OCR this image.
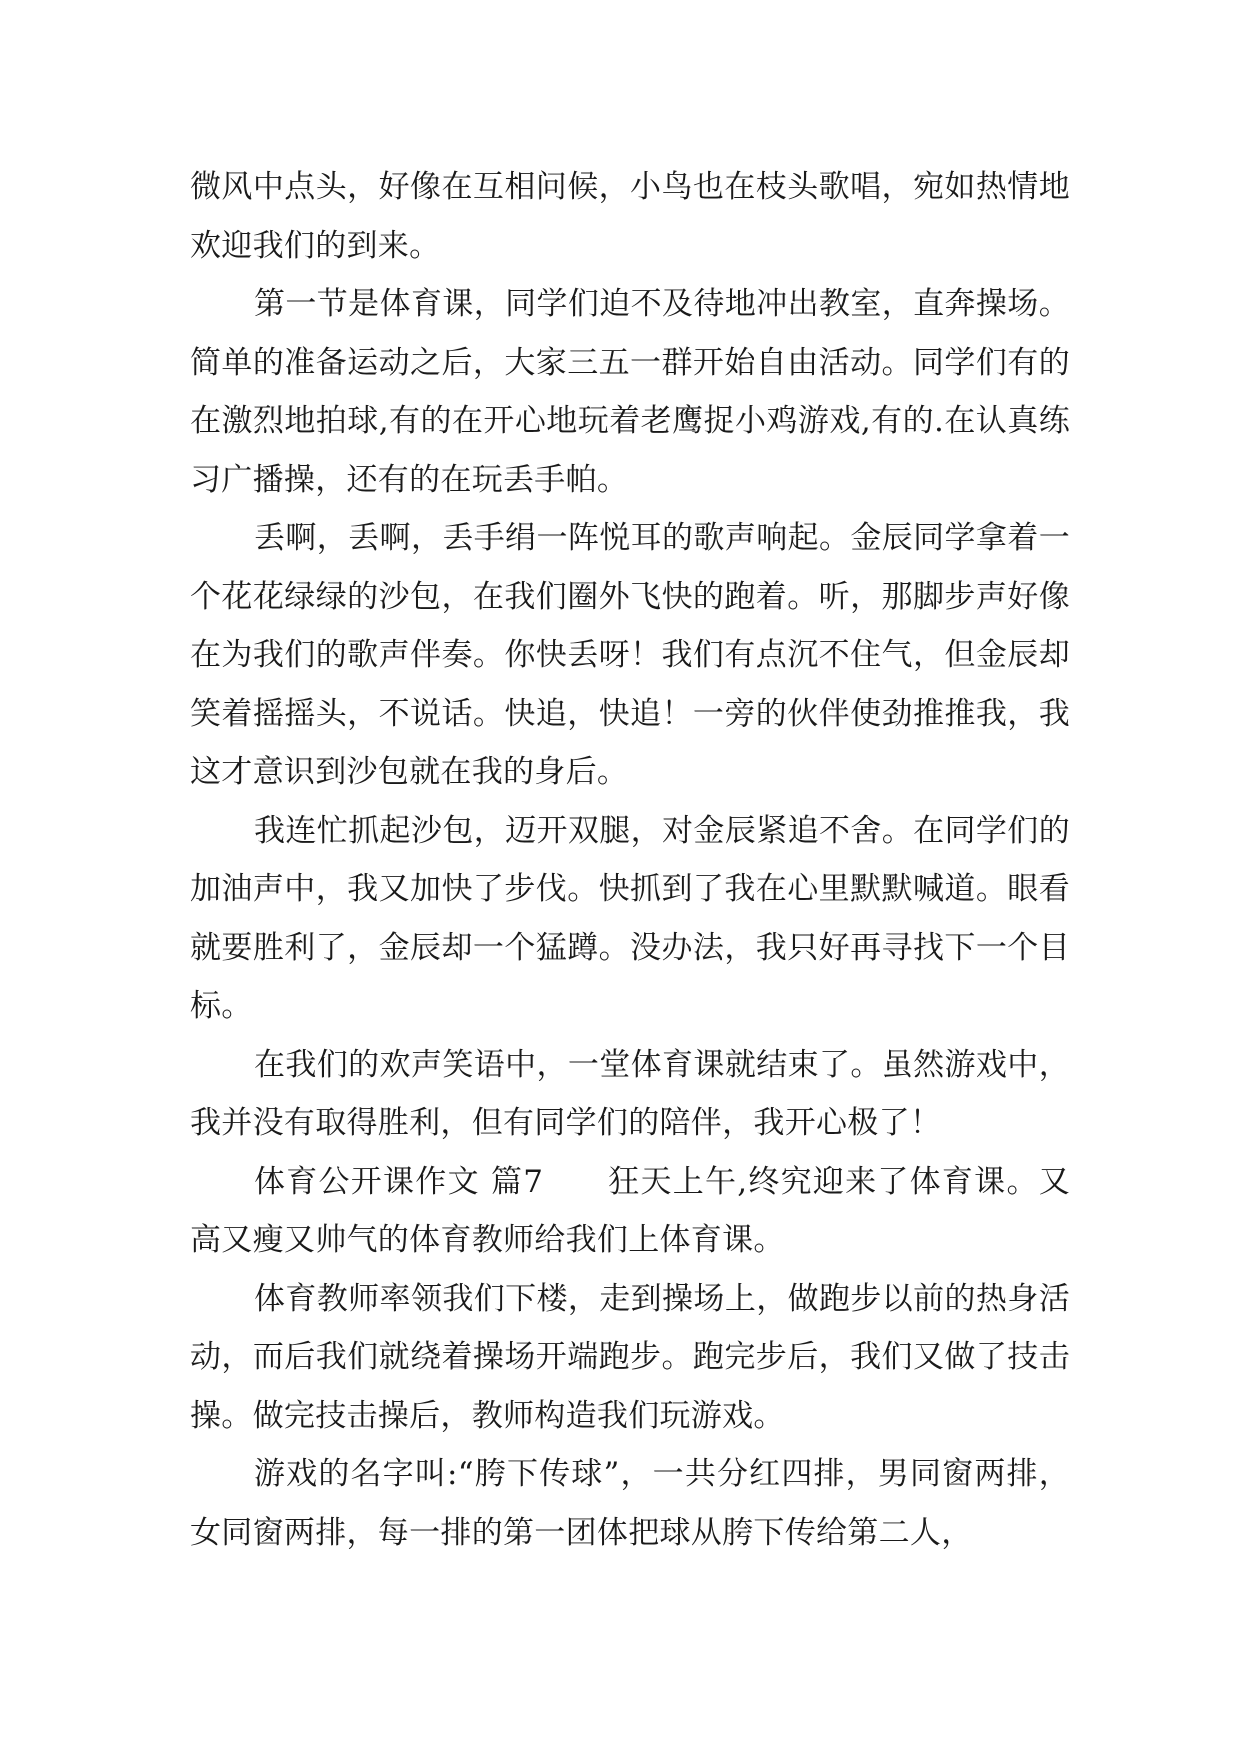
微风中点头，好像在互相问候，小鸟也在枝头歌唱，宛如热情地欢迎我们的到来。

第一节是体育课，同学们迫不及待地冲出教室，直奔操场。简单的准备运动之后，大家三五一群开始自由活动。同学们有的在激烈地拍球,有的在开心地玩着老鹰捉小鸡游戏,有的.在认真练习广播操，还有的在玩丢手帕。

丢啊，丢啊，丢手绢一阵悦耳的歌声响起。金辰同学拿着一个花花绿绿的沙包，在我们圈外飞快的跑着。听，那脚步声好像在为我们的歌声伴奏。你快丢呀！我们有点沉不住气，但金辰却笑着摇摇头，不说话。快追，快追！一旁的伙伴使劲推推我，我这才意识到沙包就在我的身后。

我连忙抓起沙包，迈开双腿，对金辰紧追不舍。在同学们的加油声中，我又加快了步伐。快抓到了我在心里默默喊道。眼看就要胜利了，金辰却一个猛蹲。没办法，我只好再寻找下一个目标。

在我们的欢声笑语中，一堂体育课就结束了。虽然游戏中，我并没有取得胜利，但有同学们的陪伴，我开心极了！

体育公开课作文 篇7 狂天上午,终究迎来了体育课。又高又瘦又帅气的体育教师给我们上体育课。

体育教师率领我们下楼，走到操场上，做跑步以前的热身活动，而后我们就绕着操场开端跑步。跑完步后，我们又做了技击操。做完技击操后，教师构造我们玩游戏。

游戏的名字叫:“胯下传球”，一共分红四排，男同窗两排，女同窗两排，每一排的第一团体把球从胯下传给第二人，
